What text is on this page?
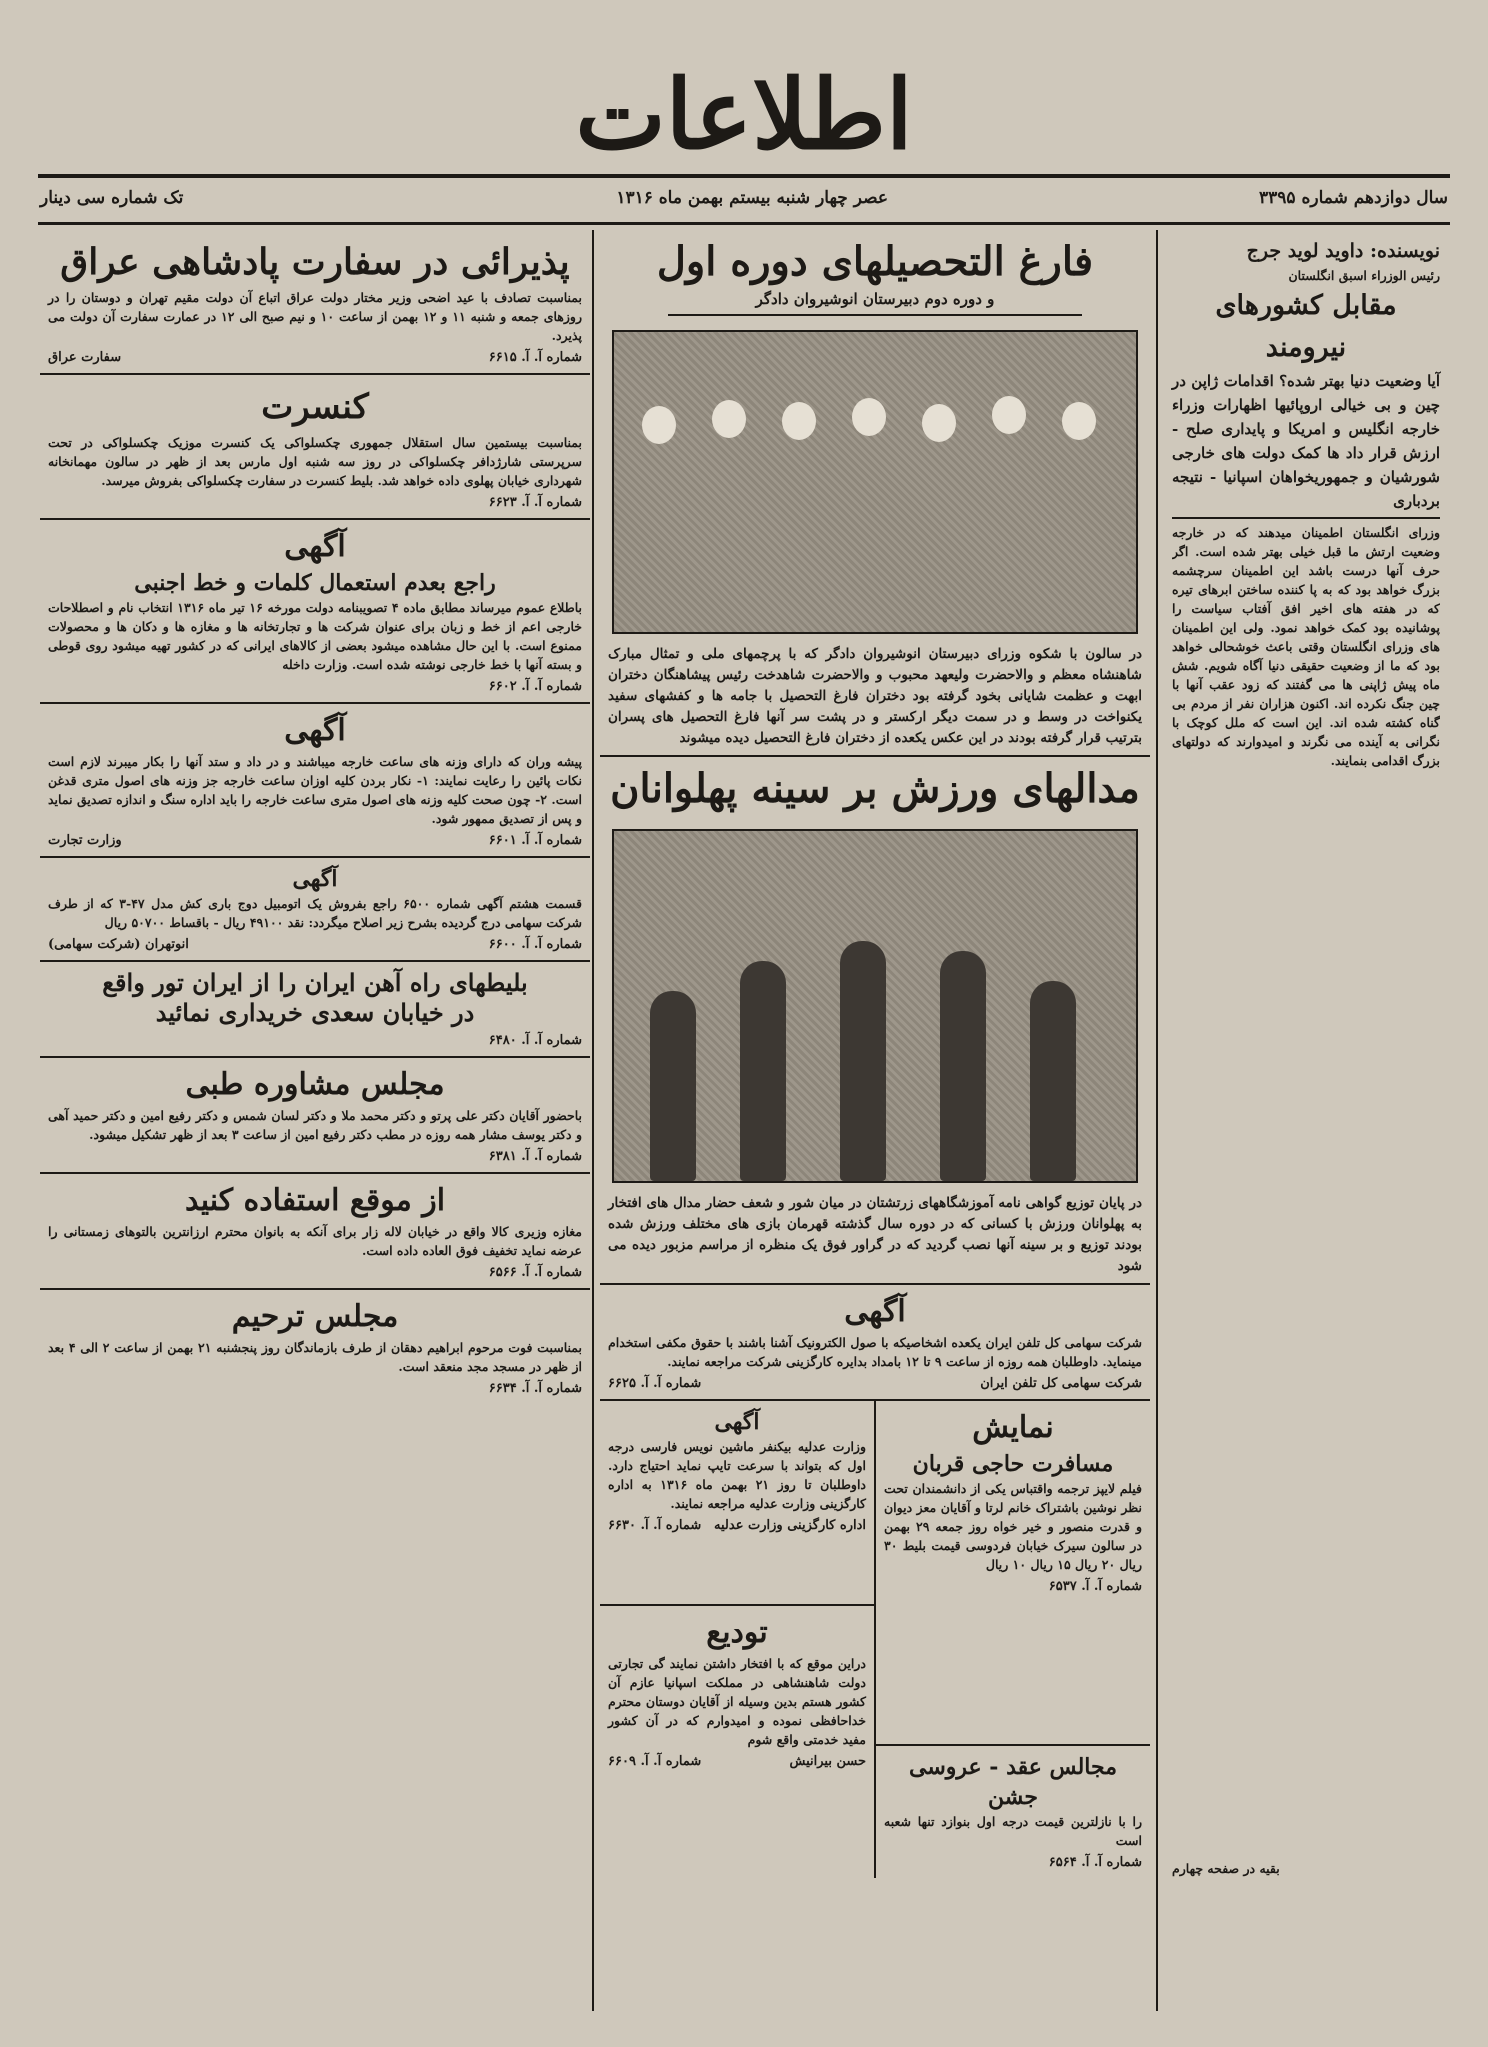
اطلاعات
سال دوازدهم شماره ۳۳۹۵
عصر چهار شنبه بیستم بهمن ماه ۱۳۱۶
تک شماره سی دینار
نویسنده: داوید لوید جرج
رئیس الوزراء اسبق انگلستان
مقابل کشورهای نیرومند
آیا وضعیت دنیا بهتر شده؟ اقدامات ژاپن در چین و بی خیالی اروپائیها اظهارات وزراء خارجه انگلیس و امریکا و پایداری صلح - ارزش قرار داد ها کمک دولت های خارجی شورشیان و جمهوریخواهان اسپانیا - نتیجه بردباری
وزرای انگلستان اطمینان میدهند که در خارجه وضعیت ارتش ما قبل خیلی بهتر شده است. اگر حرف آنها درست باشد این اطمینان سرچشمه بزرگ خواهد بود که به پا کننده ساختن ابرهای تیره که در هفته های اخیر افق آفتاب سیاست را پوشانیده بود کمک خواهد نمود. ولی این اطمینان های وزرای انگلستان وقتی باعث خوشحالی خواهد بود که ما از وضعیت حقیقی دنیا آگاه شویم. شش ماه پیش ژاپنی ها می گفتند که زود عقب آنها با چین جنگ نکرده اند. اکنون هزاران نفر از مردم بی گناه کشته شده اند. این است که ملل کوچک با نگرانی به آینده می نگرند و امیدوارند که دولتهای بزرگ اقدامی بنمایند.
بقیه در صفحه چهارم
فارغ التحصیلهای دوره اول
و دوره دوم دبیرستان انوشیروان دادگر
در سالون با شکوه وزرای دبیرستان انوشیروان دادگر که با پرچمهای ملی و تمثال مبارک شاهنشاه معظم و والاحضرت ولیعهد محبوب و والاحضرت شاهدخت رئیس پیشاهنگان دختران ابهت و عظمت شایانی بخود گرفته بود دختران فارغ التحصیل با جامه ها و کفشهای سفید یکنواخت در وسط و در سمت دیگر ارکستر و در پشت سر آنها فارغ التحصیل های پسران بترتیب قرار گرفته بودند در این عکس یکعده از دختران فارغ التحصیل دیده میشوند
مدالهای ورزش بر سینه پهلوانان
در پایان توزیع گواهی نامه آموزشگاههای زرتشتان در میان شور و شعف حضار مدال های افتخار به پهلوانان ورزش با کسانی که در دوره سال گذشته قهرمان بازی های مختلف ورزش شده بودند توزیع و بر سینه آنها نصب گردید که در گراور فوق یک منظره از مراسم مزبور دیده می شود
آگهی
شرکت سهامی کل تلفن ایران یکعده اشخاصیکه با صول الکترونیک آشنا باشند با حقوق مکفی استخدام مینماید. داوطلبان همه روزه از ساعت ۹ تا ۱۲ بامداد بدایره کارگزینی شرکت مراجعه نمایند.
شرکت سهامی کل تلفن ایران
شماره آ. آ. ۶۶۲۵
نمایش
مسافرت حاجی قربان
فیلم لایپز ترجمه واقتباس یکی از دانشمندان تحت نظر نوشین باشتراک خانم لرتا و آقایان معز دیوان و قدرت منصور و خیر خواه روز جمعه ۲۹ بهمن در سالون سیرک خیابان فردوسی قیمت بلیط ۳۰ ریال ۲۰ ریال ۱۵ ریال ۱۰ ریال
شماره آ. آ. ۶۵۳۷
مجالس عقد - عروسی جشن
را با نازلترین قیمت درجه اول بنوازد تنها شعبه است
شماره آ. آ. ۶۵۶۴
آگهی
وزارت عدلیه بیکنفر ماشین نویس فارسی درجه اول که بتواند با سرعت تایپ نماید احتیاج دارد. داوطلبان تا روز ۲۱ بهمن ماه ۱۳۱۶ به اداره کارگزینی وزارت عدلیه مراجعه نمایند.
اداره کارگزینی وزارت عدلیه
شماره آ. آ. ۶۶۳۰
تودیع
دراین موقع که با افتخار داشتن نمایند گی تجارتی دولت شاهنشاهی در مملکت اسپانیا عازم آن کشور هستم بدین وسیله از آقایان دوستان محترم خداحافظی نموده و امیدوارم که در آن کشور مفید خدمتی واقع شوم
حسن بیرانیش
شماره آ. آ. ۶۶۰۹
پذیرائی در سفارت پادشاهی عراق
بمناسبت تصادف با عید اضحی وزیر مختار دولت عراق اتباع آن دولت مقیم تهران و دوستان را در روزهای جمعه و شنبه ۱۱ و ۱۲ بهمن از ساعت ۱۰ و نیم صبح الی ۱۲ در عمارت سفارت آن دولت می پذیرد.
شماره آ. آ. ۶۶۱۵
سفارت عراق
کنسرت
بمناسبت بیستمین سال استقلال جمهوری چکسلواکی یک کنسرت موزیک چکسلواکی در تحت سرپرستی شارژدافر چکسلواکی در روز سه شنبه اول مارس بعد از ظهر در سالون مهمانخانه شهرداری خیابان پهلوی داده خواهد شد. بلیط کنسرت در سفارت چکسلواکی بفروش میرسد.
شماره آ. آ. ۶۶۲۳
آگهی
راجع بعدم استعمال کلمات و خط اجنبی
باطلاع عموم میرساند مطابق ماده ۴ تصویبنامه دولت مورخه ۱۶ تیر ماه ۱۳۱۶ انتخاب نام و اصطلاحات خارجی اعم از خط و زبان برای عنوان شرکت ها و تجارتخانه ها و مغازه ها و دکان ها و محصولات ممنوع است. با این حال مشاهده میشود بعضی از کالاهای ایرانی که در کشور تهیه میشود روی قوطی و بسته آنها با خط خارجی نوشته شده است. وزارت داخله
شماره آ. آ. ۶۶۰۲
آگهی
پیشه وران که دارای وزنه های ساعت خارجه میباشند و در داد و ستد آنها را بکار میبرند لازم است نکات پائین را رعایت نمایند: ۱- نکار بردن کلیه اوزان ساعت خارجه جز وزنه های اصول متری قدغن است. ۲- چون صحت کلیه وزنه های اصول متری ساعت خارجه را باید اداره سنگ و اندازه تصدیق نماید و پس از تصدیق ممهور شود.
شماره آ. آ. ۶۶۰۱
وزارت تجارت
آگهی
قسمت هشتم آگهی شماره ۶۵۰۰ راجع بفروش یک اتومبیل دوج باری کش مدل ۴۷-۳ که از طرف شرکت سهامی درج گردیده بشرح زیر اصلاح میگردد: نقد ۴۹۱۰۰ ریال - باقساط ۵۰۷۰۰ ریال
شماره آ. آ. ۶۶۰۰
انوتهران (شرکت سهامی)
بلیطهای راه آهن ایران را از ایران تور واقع
در خیابان سعدی خریداری نمائید
شماره آ. آ. ۶۴۸۰
مجلس مشاوره طبی
باحضور آقایان دکتر علی پرتو و دکتر محمد ملا و دکتر لسان شمس و دکتر رفیع امین و دکتر حمید آهی و دکتر یوسف مشار همه روزه در مطب دکتر رفیع امین از ساعت ۳ بعد از ظهر تشکیل میشود.
شماره آ. آ. ۶۳۸۱
از موقع استفاده کنید
مغازه وزیری کالا واقع در خیابان لاله زار برای آنکه به بانوان محترم ارزانترین بالتوهای زمستانی را عرضه نماید تخفیف فوق العاده داده است.
شماره آ. آ. ۶۵۶۶
مجلس ترحیم
بمناسبت فوت مرحوم ابراهیم دهقان از طرف بازماندگان روز پنجشنبه ۲۱ بهمن از ساعت ۲ الی ۴ بعد از ظهر در مسجد مجد منعقد است.
شماره آ. آ. ۶۶۳۴
